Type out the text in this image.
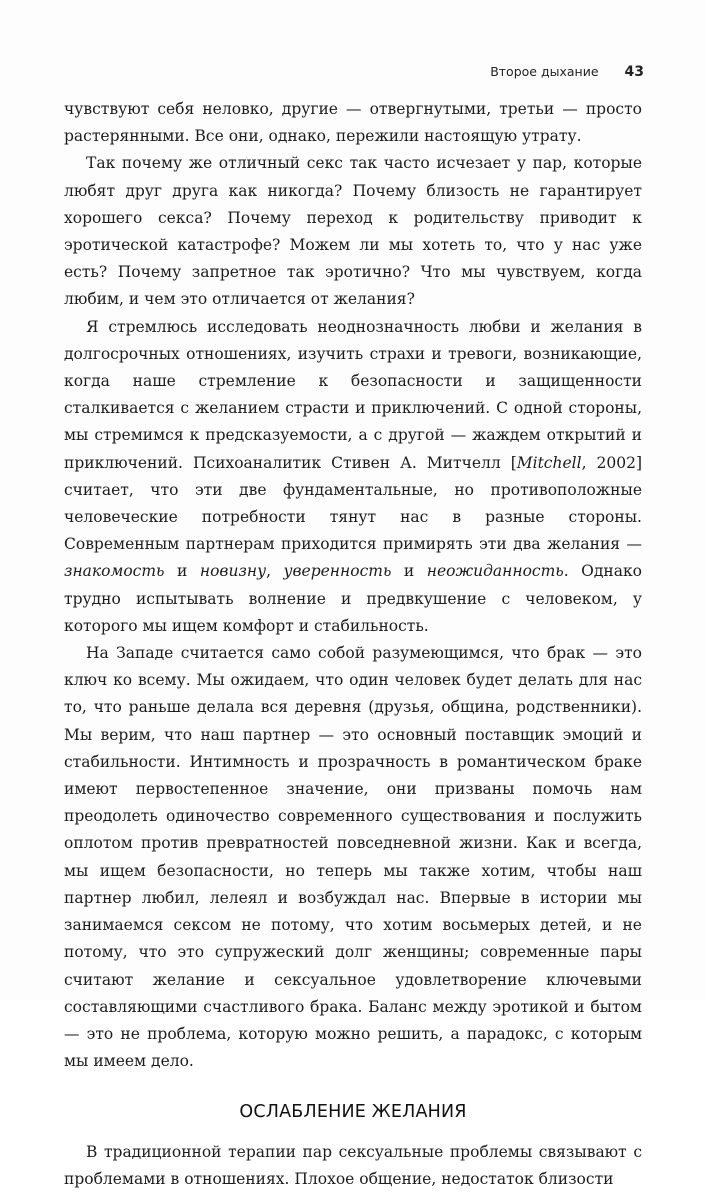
Второе дыхание 43

чувствуют себя неловко, другие — отвергнутыми, третьи — просто растерянными. Все они, однако, пережили настоящую утрату.

Так почему же отличный секс так часто исчезает у пар, которые любят друг друга как никогда? Почему близость не гарантирует хорошего секса? Почему переход к родительству приводит к эротической катастрофе? Можем ли мы хотеть то, что у нас уже есть? Почему запретное так эротично? Что мы чувствуем, когда любим, и чем это отличается от желания?

Я стремлюсь исследовать неоднозначность любви и желания в долгосрочных отношениях, изучить страхи и тревоги, возникающие, когда наше стремление к безопасности и защищенности сталкивается с желанием страсти и приключений. С одной стороны, мы стремимся к предсказуемости, а с другой — жаждем открытий и приключений. Психоаналитик Стивен А. Митчелл [Mitchell, 2002] считает, что эти две фундаментальные, но противоположные человеческие потребности тянут нас в разные стороны. Современным партнерам приходится примирять эти два желания — знакомость и новизну, уверенность и неожиданность. Однако трудно испытывать волнение и предвкушение с человеком, у которого мы ищем комфорт и стабильность.

На Западе считается само собой разумеющимся, что брак — это ключ ко всему. Мы ожидаем, что один человек будет делать для нас то, что раньше делала вся деревня (друзья, община, родственники). Мы верим, что наш партнер — это основный поставщик эмоций и стабильности. Интимность и прозрачность в романтическом браке имеют первостепенное значение, они призваны помочь нам преодолеть одиночество современного существования и послужить оплотом против превратностей повседневной жизни. Как и всегда, мы ищем безопасности, но теперь мы также хотим, чтобы наш партнер любил, лелеял и возбуждал нас. Впервые в истории мы занимаемся сексом не потому, что хотим восьмерых детей, и не потому, что это супружеский долг женщины; современные пары считают желание и сексуальное удовлетворение ключевыми составляющими счастливого брака. Баланс между эротикой и бытом — это не проблема, которую можно решить, а парадокс, с которым мы имеем дело.

ОСЛАБЛЕНИЕ ЖЕЛАНИЯ

В традиционной терапии пар сексуальные проблемы связывают с проблемами в отношениях. Плохое общение, недостаток близости
